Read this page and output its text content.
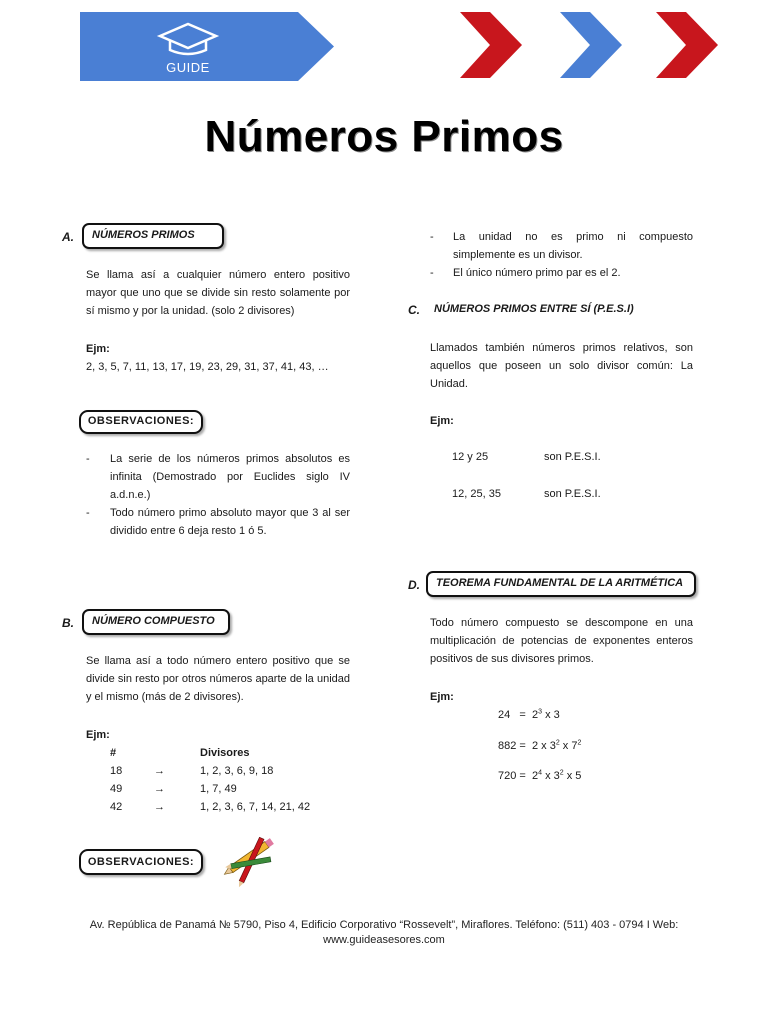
GUIDE
Números Primos
A.	NÚMEROS PRIMOS
Se llama así a cualquier número entero positivo mayor que uno que se divide sin resto solamente por sí mismo y por la unidad. (solo 2 divisores)
Ejm:
2, 3, 5, 7, 11, 13, 17, 19, 23, 29, 31, 37, 41, 43, …
OBSERVACIONES:
- La serie de los números primos absolutos es infinita (Demostrado por Euclides siglo IV a.d.n.e.)
- Todo número primo absoluto mayor que 3 al ser dividido entre 6 deja resto 1 ó 5.
B.	NÚMERO COMPUESTO
Se llama así a todo número entero positivo que se divide sin resto por otros números aparte de la unidad y el mismo (más de 2 divisores).
Ejm:
#	Divisores
18	→	1, 2, 3, 6, 9, 18
49	→	1, 7, 49
42	→	1, 2, 3, 6, 7, 14, 21, 42
OBSERVACIONES:
- La unidad no es primo ni compuesto simplemente es un divisor.
- El único número primo par es el 2.
C. NÚMEROS PRIMOS ENTRE SÍ (P.E.S.I)
Llamados también números primos relativos, son aquellos que poseen un solo divisor común: La Unidad.
Ejm:
12 y 25	son P.E.S.I.
12, 25, 35	son P.E.S.I.
D.	TEOREMA FUNDAMENTAL DE LA ARITMÉTICA
Todo número compuesto se descompone en una multiplicación de potencias de exponentes enteros positivos de sus divisores primos.
Ejm:
$24 = 2^3$ x 3
882 = 2 x $3^2$ x $7^2$
$720 = 2^4$ x $3^2$ x 5
Av. República de Panamá № 5790, Piso 4, Edificio Corporativo “Rossevelt”, Miraflores. Teléfono: (511) 403 - 0794 I Web:
www.guideasesores.com
